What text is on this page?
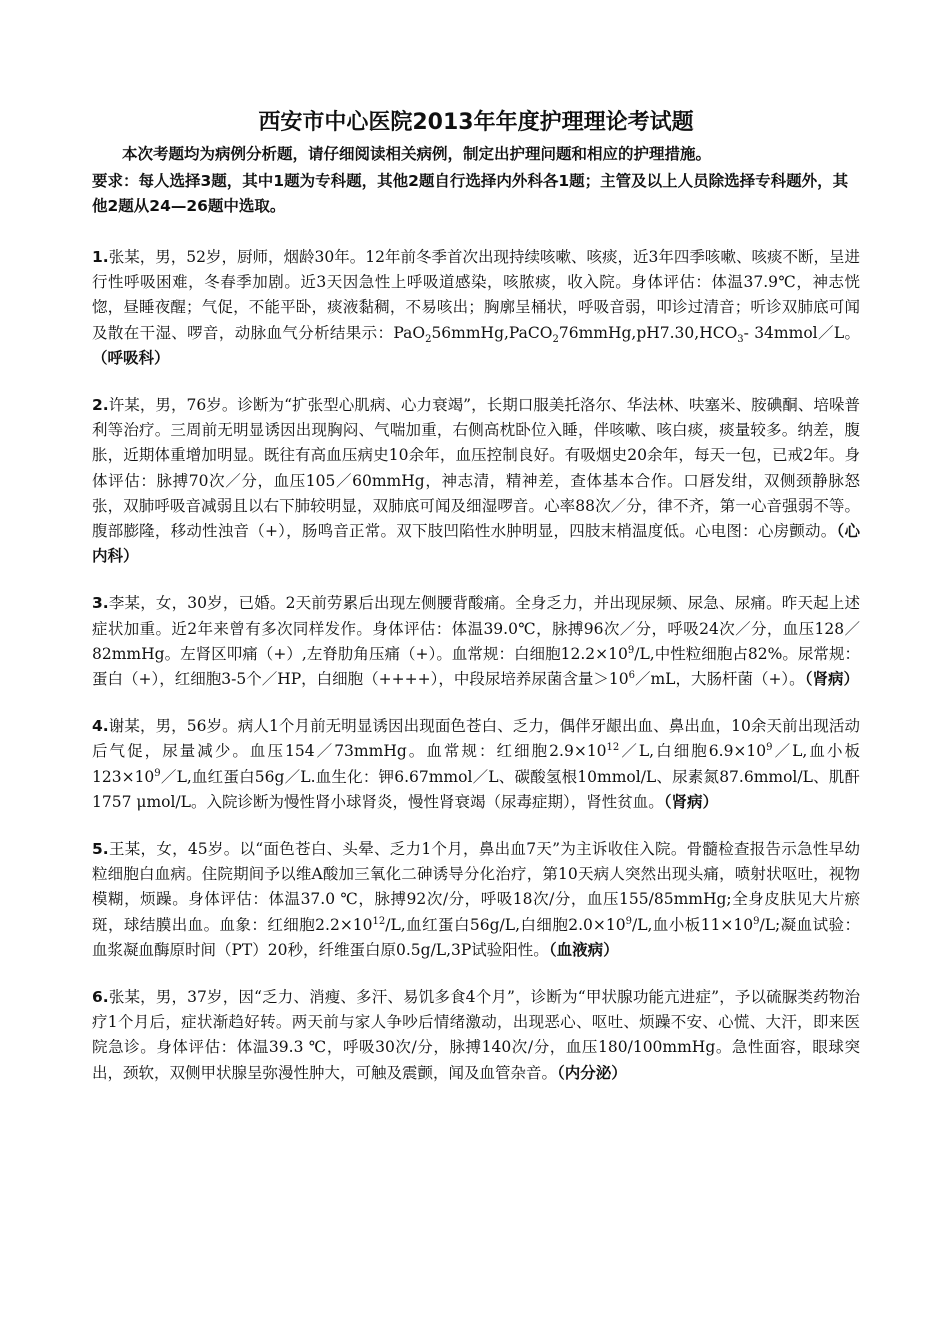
西安市中心医院2013年年度护理理论考试题

本次考题均为病例分析题，请仔细阅读相关病例，制定出护理问题和相应的护理措施。

要求：每人选择3题，其中1题为专科题，其他2题自行选择内外科各1题；主管及以上人员除选择专科题外，其他2题从24—26题中选取。

1.张某，男，52岁，厨师，烟龄30年。12年前冬季首次出现持续咳嗽、咳痰，近3年四季咳嗽、咳痰不断，呈进行性呼吸困难，冬春季加剧。近3天因急性上呼吸道感染，咳脓痰，收入院。身体评估：体温37.9℃，神志恍惚，昼睡夜醒；气促，不能平卧，痰液黏稠，不易咳出；胸廓呈桶状，呼吸音弱，叩诊过清音；听诊双肺底可闻及散在干湿、啰音，动脉血气分析结果示：$PaO_256mmHg,PaCO_276mmHg,pH7.30,HCO_3-$ 34mmol／L。（呼吸科）

2.许某，男，76岁。诊断为“扩张型心肌病、心力衰竭”，长期口服美托洛尔、华法林、呋塞米、胺碘酮、培哚普利等治疗。三周前无明显诱因出现胸闷、气喘加重，右侧高枕卧位入睡，伴咳嗽、咳白痰，痰量较多。纳差，腹胀，近期体重增加明显。既往有高血压病史10余年，血压控制良好。有吸烟史20余年，每天一包，已戒2年。身体评估：脉搏70次／分，血压105／60mmHg，神志清，精神差，查体基本合作。口唇发绀，双侧颈静脉怒张，双肺呼吸音减弱且以右下肺较明显，双肺底可闻及细湿啰音。心率88次／分，律不齐，第一心音强弱不等。腹部膨隆，移动性浊音（+），肠鸣音正常。双下肢凹陷性水肿明显，四肢末梢温度低。心电图：心房颤动。（心内科）

3.李某，女，30岁，已婚。2天前劳累后出现左侧腰背酸痛。全身乏力，并出现尿频、尿急、尿痛。昨天起上述症状加重。近2年来曾有多次同样发作。身体评估：体温39.0℃，脉搏96次／分，呼吸24次／分，血压128／82mmHg。左肾区叩痛（+）,左脊肋角压痛（+）。血常规：白细胞$12.2\times 10^9/L$,中性粒细胞占82%。尿常规：蛋白（+），红细胞3-5个／HP，白细胞（++++），中段尿培养尿菌含量$>10^6/mL$，大肠杆菌（+）。（肾病）

4.谢某，男，56岁。病人1个月前无明显诱因出现面色苍白、乏力，偶伴牙龈出血、鼻出血，10余天前出现活动后气促，尿量减少。血压154／73mmHg。血常规：红细胞$2.9\times 10^{12}/L$,白细胞$6.9\times 10^9/L$,血小板$123\times 10^9/L$,血红蛋白56g／L.血生化：钾6.67mmol／L、碳酸氢根10mmol/L、尿素氮87.6mmol/L、肌酐1757 μmol/L。入院诊断为慢性肾小球肾炎，慢性肾衰竭（尿毒症期），肾性贫血。（肾病）

5.王某，女，45岁。以“面色苍白、头晕、乏力1个月，鼻出血7天”为主诉收住入院。骨髓检查报告示急性早幼粒细胞白血病。住院期间予以维A酸加三氧化二砷诱导分化治疗，第10天病人突然出现头痛，喷射状呕吐，视物模糊，烦躁。身体评估：体温37.0 ℃，脉搏92次/分，呼吸18次/分，血压155/85mmHg;全身皮肤见大片瘀斑，球结膜出血。血象：红细胞$2.2\times 10^{12}/L$,血红蛋白56g/L,白细胞$2.0\times 10^9/L$,血小板$11\times 10^9/L$;凝血试验：血浆凝血酶原时间（PT）20秒，纤维蛋白原0.5g/L,3P试验阳性。（血液病）

6.张某，男，37岁，因“乏力、消瘦、多汗、易饥多食4个月”，诊断为“甲状腺功能亢进症”，予以硫脲类药物治疗1个月后，症状渐趋好转。两天前与家人争吵后情绪激动，出现恶心、呕吐、烦躁不安、心慌、大汗，即来医院急诊。身体评估：体温39.3 ℃，呼吸30次/分，脉搏140次/分，血压180/100mmHg。急性面容，眼球突出，颈软，双侧甲状腺呈弥漫性肿大，可触及震颤，闻及血管杂音。（内分泌）
